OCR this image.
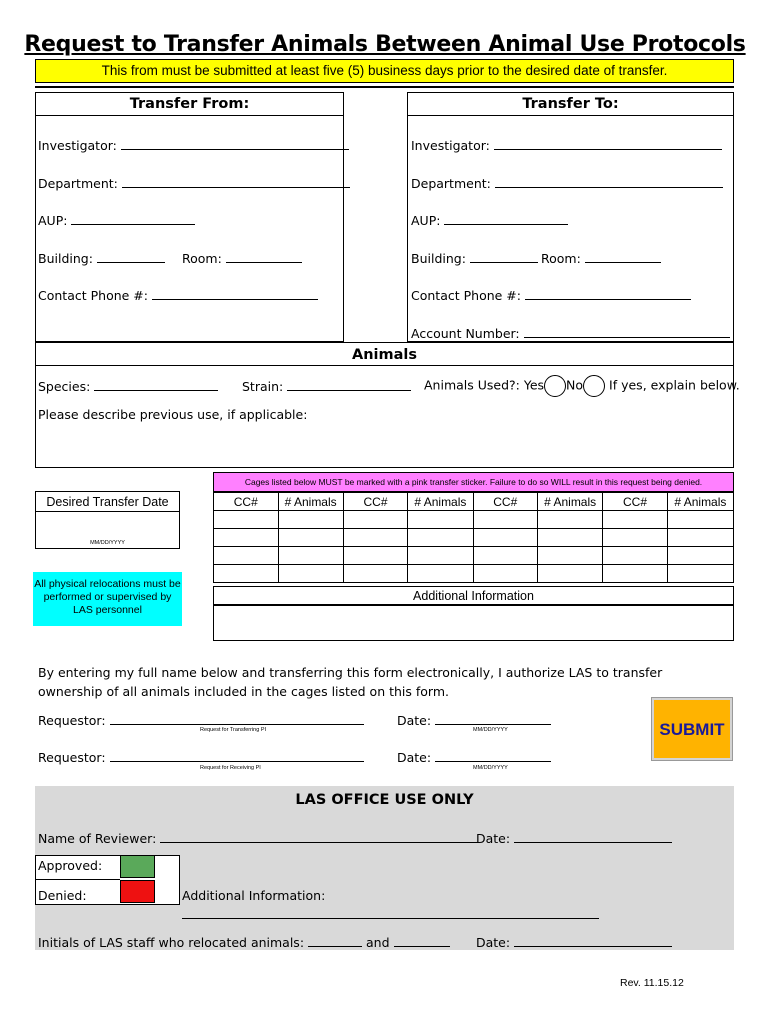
Request to Transfer Animals Between Animal Use Protocols
This from must be submitted at least five (5) business days prior to the desired date of transfer.
Transfer From:	Transfer To:
Investigator:
Department:
AUP:
Building:	Room:
Contact Phone #:
Investigator:
Department:
AUP:
Building:	Room:
Contact Phone #:
Account Number:
Animals
Species:	Strain:	Animals Used?: Yes No If yes, explain below.
Please describe previous use, if applicable:
Cages listed below MUST be marked with a pink transfer sticker. Failure to do so WILL result in this request being denied.
Desired Transfer Date
MM/DD/YYYY
CC#	# Animals	CC#	# Animals	CC#	# Animals	CC#	# Animals

All physical relocations must be performed or supervised by LAS personnel
Additional Information
By entering my full name below and transferring this form electronically, I authorize LAS to transfer ownership of all animals included in the cages listed on this form.
Requestor:
Request for Transferring PI
Date:
MM/DD/YYYY
Requestor:
Request for Receiving PI
Date:
MM/DD/YYYY
SUBMIT
LAS OFFICE USE ONLY
Name of Reviewer:	Date:
Approved:
Denied:	Additional Information:
Initials of LAS staff who relocated animals:	and	Date:
Rev. 11.15.12
